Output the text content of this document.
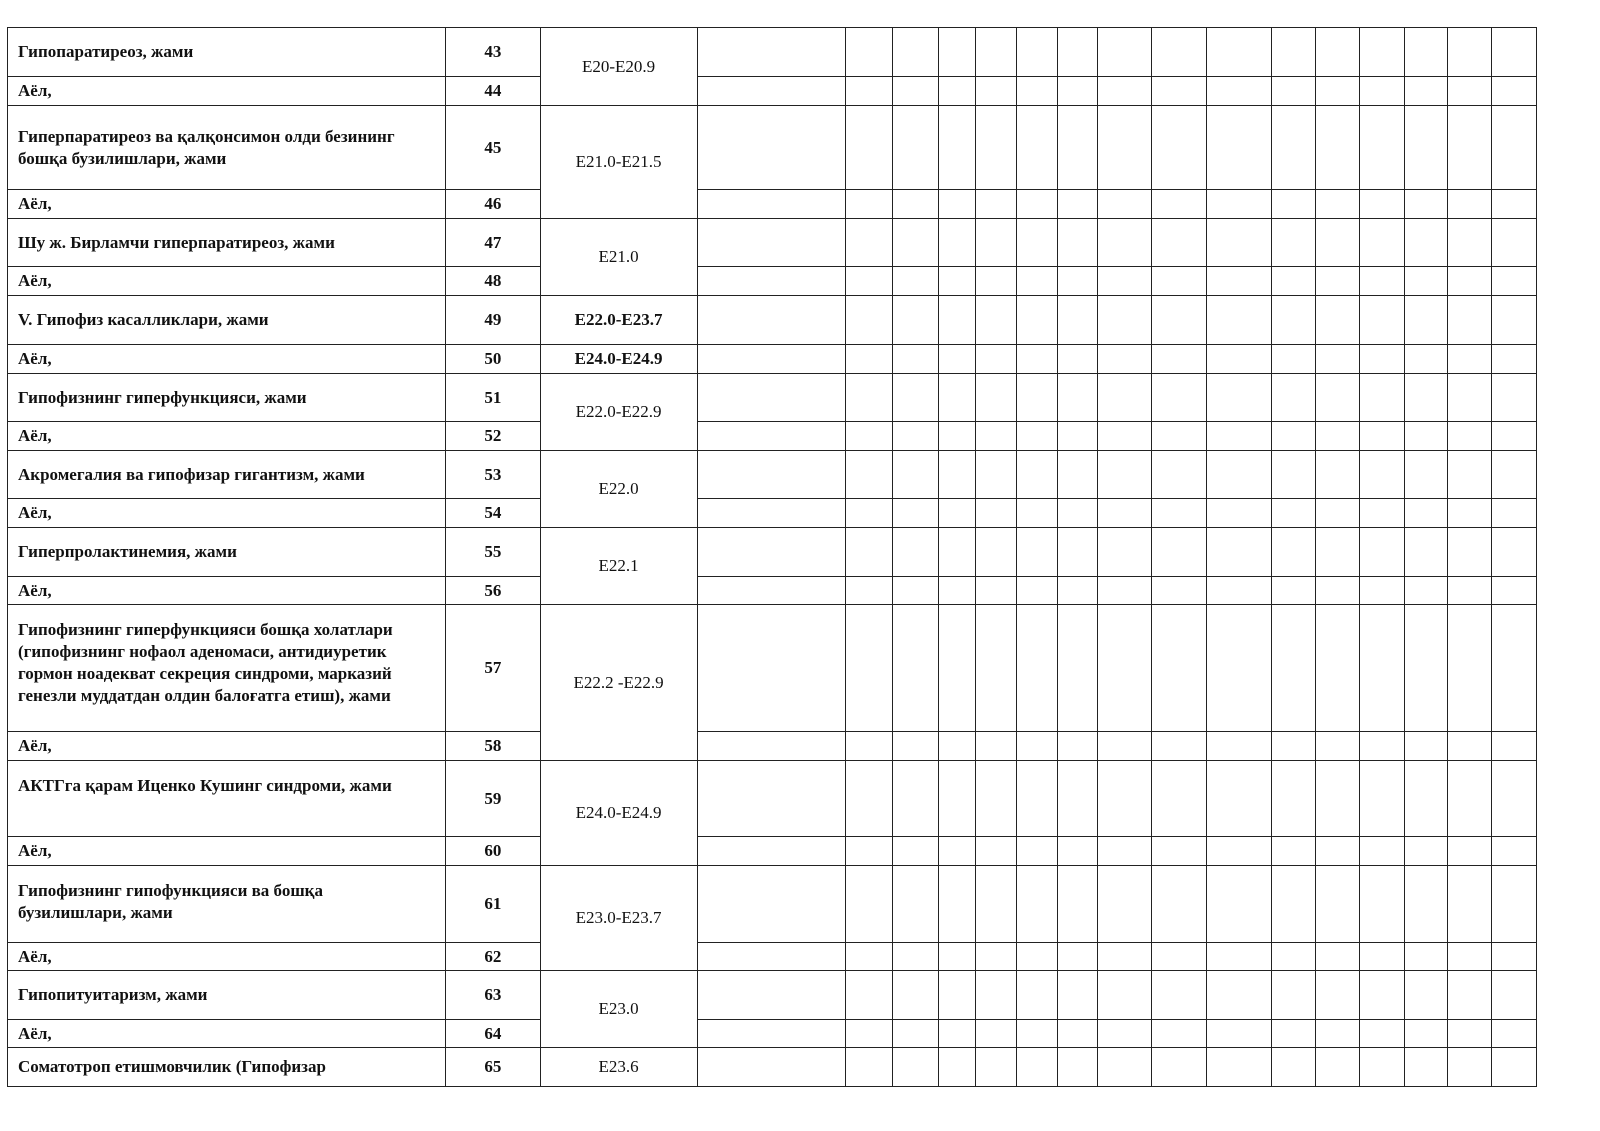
Гипопаратиреоз, жами	43	E20-E20.9																
Аёл,	44																	
Гиперпаратиреоз ва қалқонсимон олди безининг бошқа бузилишлари, жами	45	E21.0-E21.5																
Аёл,	46																	
Шу ж. Бирламчи гиперпаратиреоз, жами	47	E21.0																
Аёл,	48																	
V. Гипофиз касалликлари, жами	49	E22.0-E23.7																
Аёл,	50	E24.0-E24.9																
Гипофизнинг гиперфункцияси, жами	51	E22.0-E22.9																
Аёл,	52																	
Акромегалия ва гипофизар гигантизм, жами	53	E22.0																
Аёл,	54																	
Гиперпролактинемия, жами	55	E22.1																
Аёл,	56																	
Гипофизнинг гиперфункцияси бошқа холатлари (гипофизнинг нофаол аденомаси, антидиуретик гормон ноадекват секреция синдроми, марказий генезли муддатдан олдин балоғатга етиш), жами	57	E22.2 -E22.9																
Аёл,	58																	
АКТГга қарам Иценко Кушинг синдроми, жами	59	E24.0-E24.9																
Аёл,	60																	
Гипофизнинг гипофункцияси ва бошқа бузилишлари, жами	61	E23.0-E23.7																
Аёл,	62																	
Гипопитуитаризм, жами	63	E23.0																
Аёл,	64																	
Соматотроп етишмовчилик (Гипофизар	65	E23.6																
